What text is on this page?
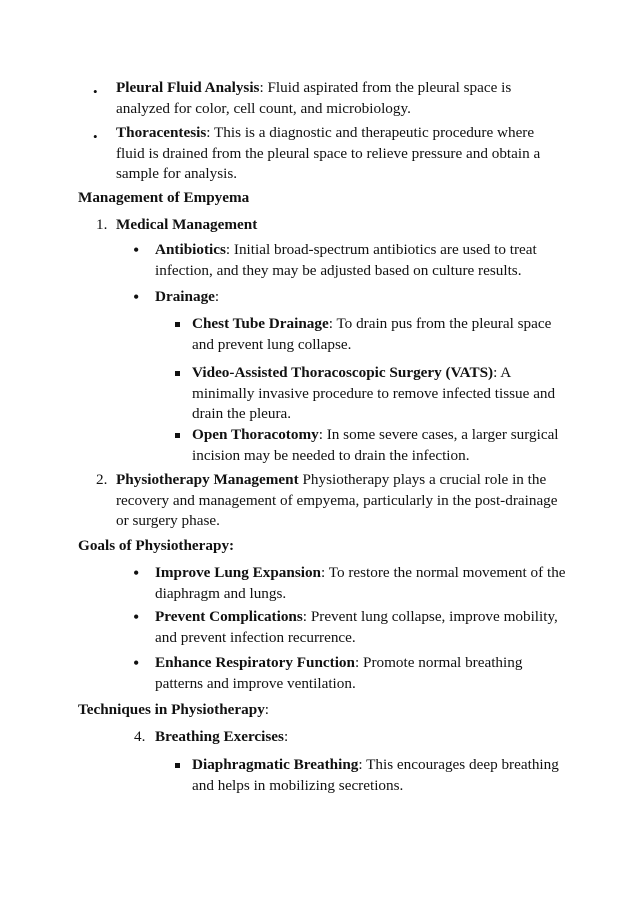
• Pleural Fluid Analysis: Fluid aspirated from the pleural space is
analyzed for color, cell count, and microbiology.
• Thoracentesis: This is a diagnostic and therapeutic procedure where
fluid is drained from the pleural space to relieve pressure and obtain a
sample for analysis.
Management of Empyema
1. Medical Management
• Antibiotics: Initial broad-spectrum antibiotics are used to treat
infection, and they may be adjusted based on culture results.
• Drainage:
Chest Tube Drainage: To drain pus from the pleural space
and prevent lung collapse.
Video-Assisted Thoracoscopic Surgery (VATS): A
minimally invasive procedure to remove infected tissue and
drain the pleura.
Open Thoracotomy: In some severe cases, a larger surgical
incision may be needed to drain the infection.
2. Physiotherapy Management Physiotherapy plays a crucial role in the
recovery and management of empyema, particularly in the post-drainage
or surgery phase.
Goals of Physiotherapy:
• Improve Lung Expansion: To restore the normal movement of the
diaphragm and lungs.
• Prevent Complications: Prevent lung collapse, improve mobility,
and prevent infection recurrence.
• Enhance Respiratory Function: Promote normal breathing
patterns and improve ventilation.
Techniques in Physiotherapy:
4. Breathing Exercises:
Diaphragmatic Breathing: This encourages deep breathing
and helps in mobilizing secretions.
